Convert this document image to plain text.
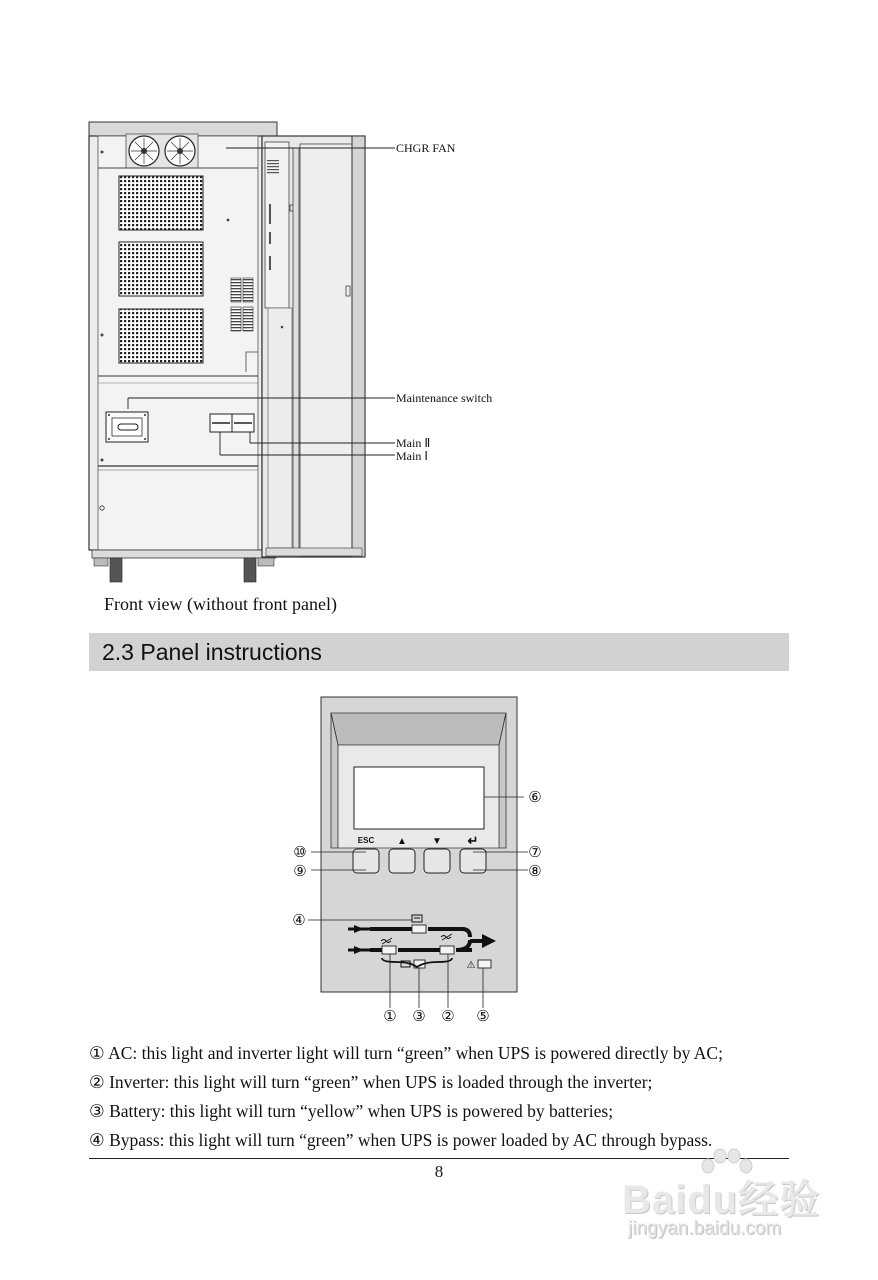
CHGR FAN
Maintenance switch
Main Ⅱ
Main Ⅰ
Front view (without front panel)
2.3 Panel instructions
ESC ▲	▼ ↵
⚠
⑥
⑩
⑨
⑦
⑧
④
① ③ ② ⑤
① AC: this light and inverter light will turn “green” when UPS is powered directly by AC;
② Inverter: this light will turn “green” when UPS is loaded through the inverter;
③ Battery: this light will turn “yellow” when UPS is powered by batteries;
④ Bypass: this light will turn “green” when UPS is power loaded by AC through bypass.
8
Baidu经验
jingyan.baidu.com
